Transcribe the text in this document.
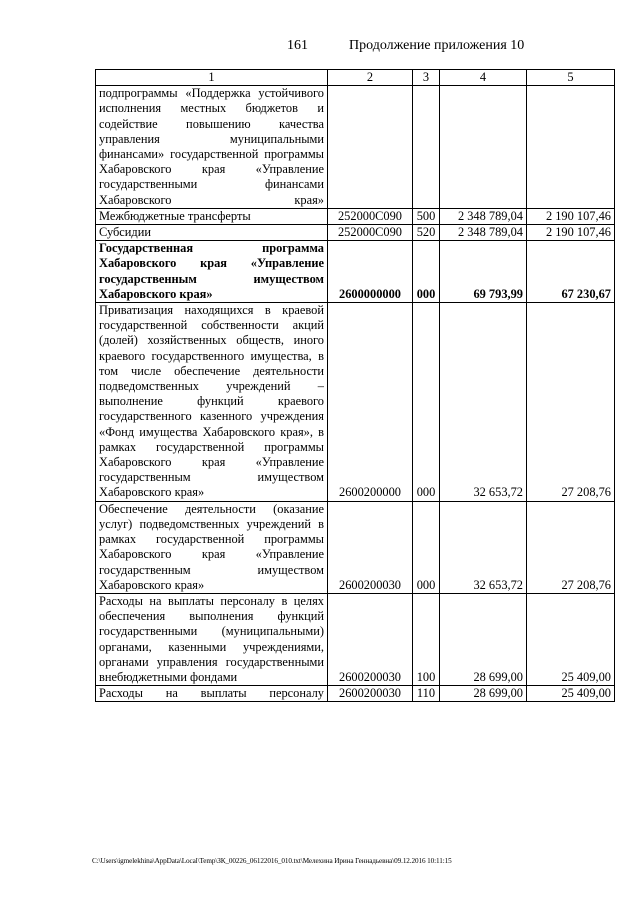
161	Продолжение приложения 10
1	2	3	4	5
подпрограммы «Поддержка устойчивого исполнения местных бюджетов и содействие повышению качества управления муниципальными финансами» государственной программы Хабаровского края «Управление государственными финансами Хабаровского края»				
Межбюджетные трансферты	252000С090	500	2 348 789,04	2 190 107,46
Субсидии	252000С090	520	2 348 789,04	2 190 107,46
Государственная программа Хабаровского края «Управление государственным имуществом Хабаровского края»	2600000000	000	69 793,99	67 230,67
Приватизация находящихся в краевой государственной собственности акций (долей) хозяйственных обществ, иного краевого государственного имущества, в том числе обеспечение деятельности подведомственных учреждений – выполнение функций краевого государственного казенного учреждения «Фонд имущества Хабаровского края», в рамках государственной программы Хабаровского края «Управление государственным имуществом Хабаровского края»	2600200000	000	32 653,72	27 208,76
Обеспечение деятельности (оказание услуг) подведомственных учреждений в рамках государственной программы Хабаровского края «Управление государственным имуществом Хабаровского края»	2600200030	000	32 653,72	27 208,76
Расходы на выплаты персоналу в целях обеспечения выполнения функций государственными (муниципальными) органами, казенными учреждениями, органами управления государственными внебюджетными фондами	2600200030	100	28 699,00	25 409,00
Расходы на выплаты персоналу	2600200030	110	28 699,00	25 409,00
C:\Users\igmelekhina\AppData\Local\Temp\ЗК_00226_06122016_010.txt\Мелехина Ирина Геннадьевна\09.12.2016 10:11:15
